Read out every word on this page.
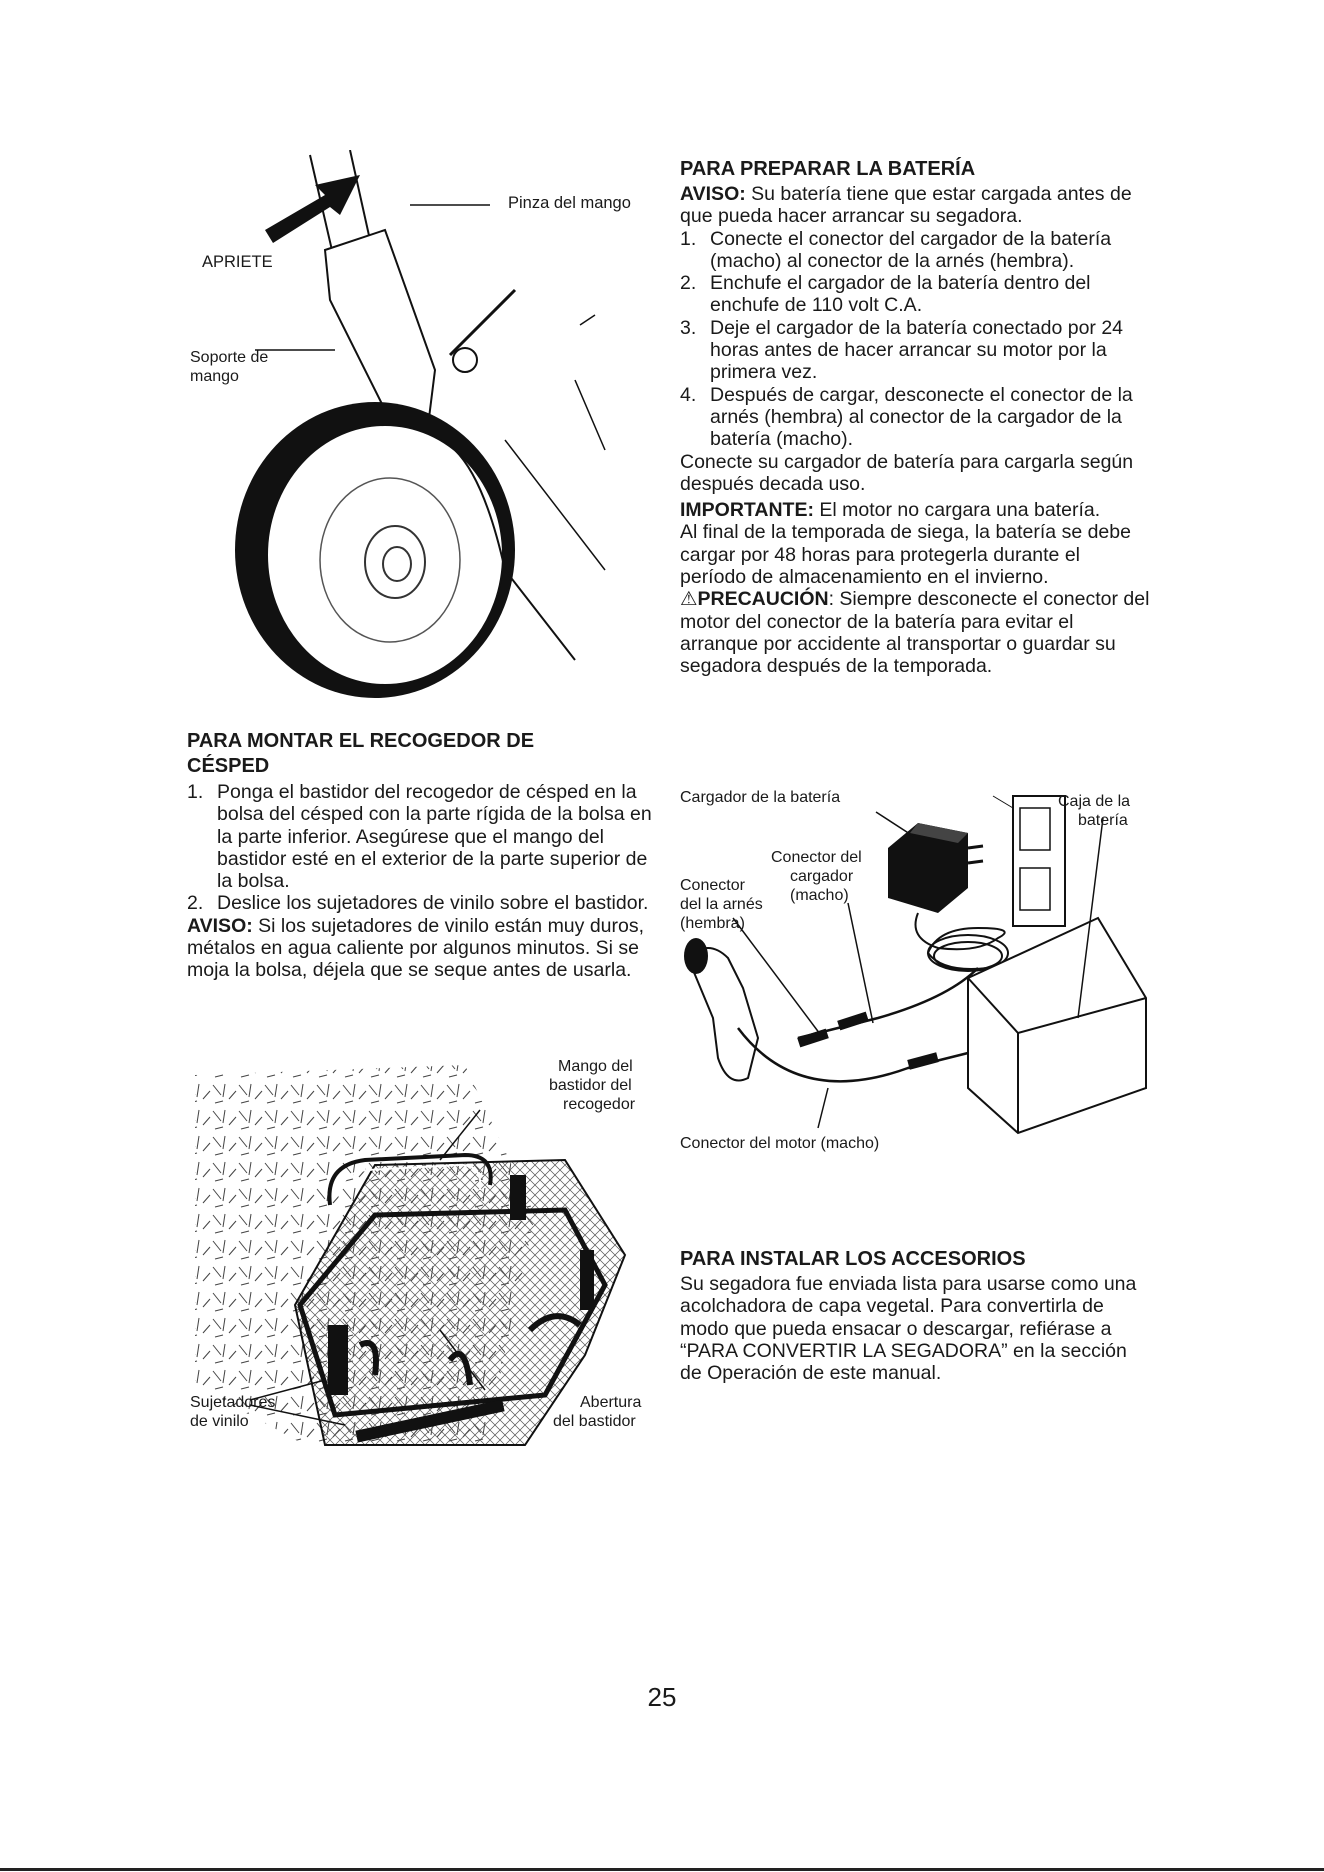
APRIETE
Pinza del mango
Soporte de
mango
PARA MONTAR EL RECOGEDOR DE
CÉSPED
1. Ponga el bastidor del recogedor de césped en la bolsa del césped con la parte rígida de la bolsa en la parte inferior. Asegúrese que el mango del bastidor esté en el exterior de la parte superior de la bolsa.
2. Deslice los sujetadores de vinilo sobre el bastidor.

AVISO: Si los sujetadores de vinilo están muy duros, métalos en agua caliente por algunos minutos. Si se moja la bolsa, déjela que se seque antes de usarla.

Mango del
bastidor del
recogedor
Sujetadores
de vinilo
Abertura
del bastidor
PARA PREPARAR LA BATERÍA

AVISO: Su batería tiene que estar cargada antes de que pueda hacer arrancar su segadora.

1. Conecte el conector del cargador de la batería (macho) al conector de la arnés (hembra).
2. Enchufe el cargador de la batería dentro del enchufe de 110 volt C.A.
3. Deje el cargador de la batería conectado por 24 horas antes de hacer arrancar su motor por la primera vez.
4. Después de cargar, desconecte el conector de la arnés (hembra) al conector de la cargador de la batería (macho).

Conecte su cargador de batería para cargarla según después decada uso.

IMPORTANTE: El motor no cargara una batería.

Al final de la temporada de siega, la batería se debe cargar por 48 horas para protegerla durante el período de almacenamiento en el invierno.

⚠PRECAUCIÓN: Siempre desconecte el conector del motor del conector de la batería para evitar el arranque por accidente al transportar o guardar su segadora después de la temporada.

Cargador de la batería	Caja de la
batería
Conector del
cargador
(macho)
Conector
del la arnés
(hembra)
Conector del motor (macho)
PARA INSTALAR LOS ACCESORIOS

Su segadora fue enviada lista para usarse como una acolchadora de capa vegetal. Para convertirla de modo que pueda ensacar o descargar, refiérase a “PARA CONVERTIR LA SEGADORA” en la sección de Operación de este manual.

25
